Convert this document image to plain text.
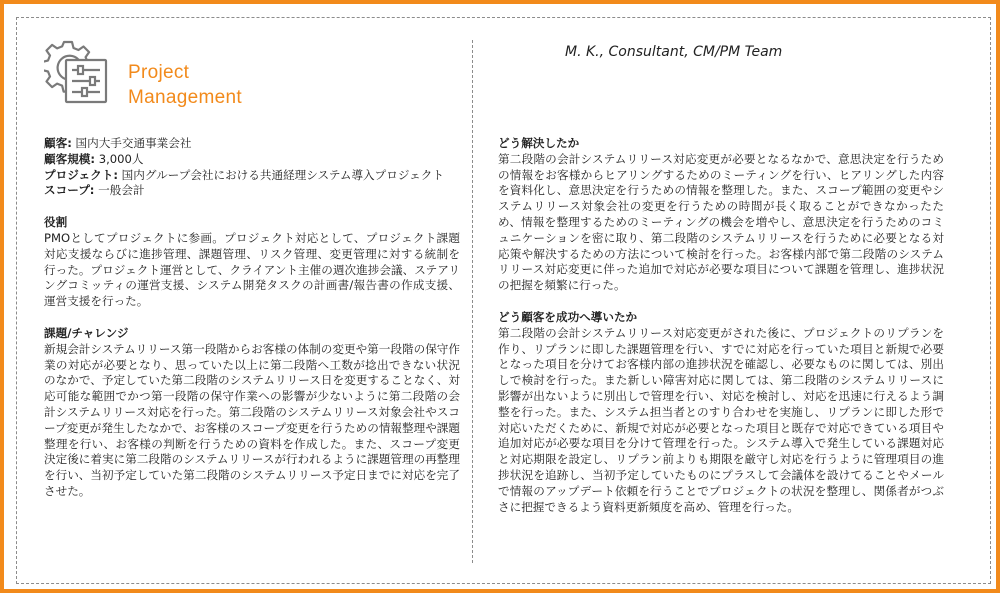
Project
Management
M. K., Consultant, CM/PM Team

顧客: 国内大手交通事業会社

顧客規模: 3,000人

プロジェクト: 国内グループ会社における共通経理システム導入プロジェクト

スコープ: 一般会計

役割

PMOとしてプロジェクトに参画。プロジェクト対応として、プロジェクト課題対応支援ならびに進捗管理、課題管理、リスク管理、変更管理に対する統制を行った。プロジェクト運営として、クライアント主催の週次進捗会議、ステアリングコミッティの運営支援、システム開発タスクの計画書/報告書の作成支援、運営支援を行った。

課題/チャレンジ

新規会計システムリリース第一段階からお客様の体制の変更や第一段階の保守作業の対応が必要となり、思っていた以上に第二段階へ工数が捻出できない状況のなかで、予定していた第二段階のシステムリリース日を変更することなく、対応可能な範囲でかつ第一段階の保守作業への影響が少ないように第二段階の会計システムリリース対応を行った。第二段階のシステムリリース対象会社やスコープ変更が発生したなかで、お客様のスコープ変更を行うための情報整理や課題整理を行い、お客様の判断を行うための資料を作成した。また、スコープ変更決定後に着実に第二段階のシステムリリースが行われるように課題管理の再整理を行い、当初予定していた第二段階のシステムリリース予定日までに対応を完了させた。

どう解決したか

第二段階の会計システムリリース対応変更が必要となるなかで、意思決定を行うための情報をお客様からヒアリングするためのミーティングを行い、ヒアリングした内容を資料化し、意思決定を行うための情報を整理した。また、スコープ範囲の変更やシステムリリース対象会社の変更を行うための時間が長く取ることができなかったため、情報を整理するためのミーティングの機会を増やし、意思決定を行うためのコミュニケーションを密に取り、第二段階のシステムリリースを行うために必要となる対応策や解決するための方法について検討を行った。お客様内部で第二段階のシステムリリース対応変更に伴った追加で対応が必要な項目について課題を管理し、進捗状況の把握を頻繁に行った。

どう顧客を成功へ導いたか

第二段階の会計システムリリース対応変更がされた後に、プロジェクトのリプランを作り、リプランに即した課題管理を行い、すでに対応を行っていた項目と新規で必要となった項目を分けてお客様内部の進捗状況を確認し、必要なものに関しては、別出しで検討を行った。また新しい障害対応に関しては、第二段階のシステムリリースに影響が出ないように別出しで管理を行い、対応を検討し、対応を迅速に行えるよう調整を行った。また、システム担当者とのすり合わせを実施し、リプランに即した形で対応いただくために、新規で対応が必要となった項目と既存で対応できている項目や追加対応が必要な項目を分けて管理を行った。システム導入で発生している課題対応と対応期限を設定し、リプラン前よりも期限を厳守し対応を行うように管理項目の進捗状況を追跡し、当初予定していたものにプラスして会議体を設けてることやメールで情報のアップデート依頼を行うことでプロジェクトの状況を整理し、関係者がつぶさに把握できるよう資料更新頻度を高め、管理を行った。
